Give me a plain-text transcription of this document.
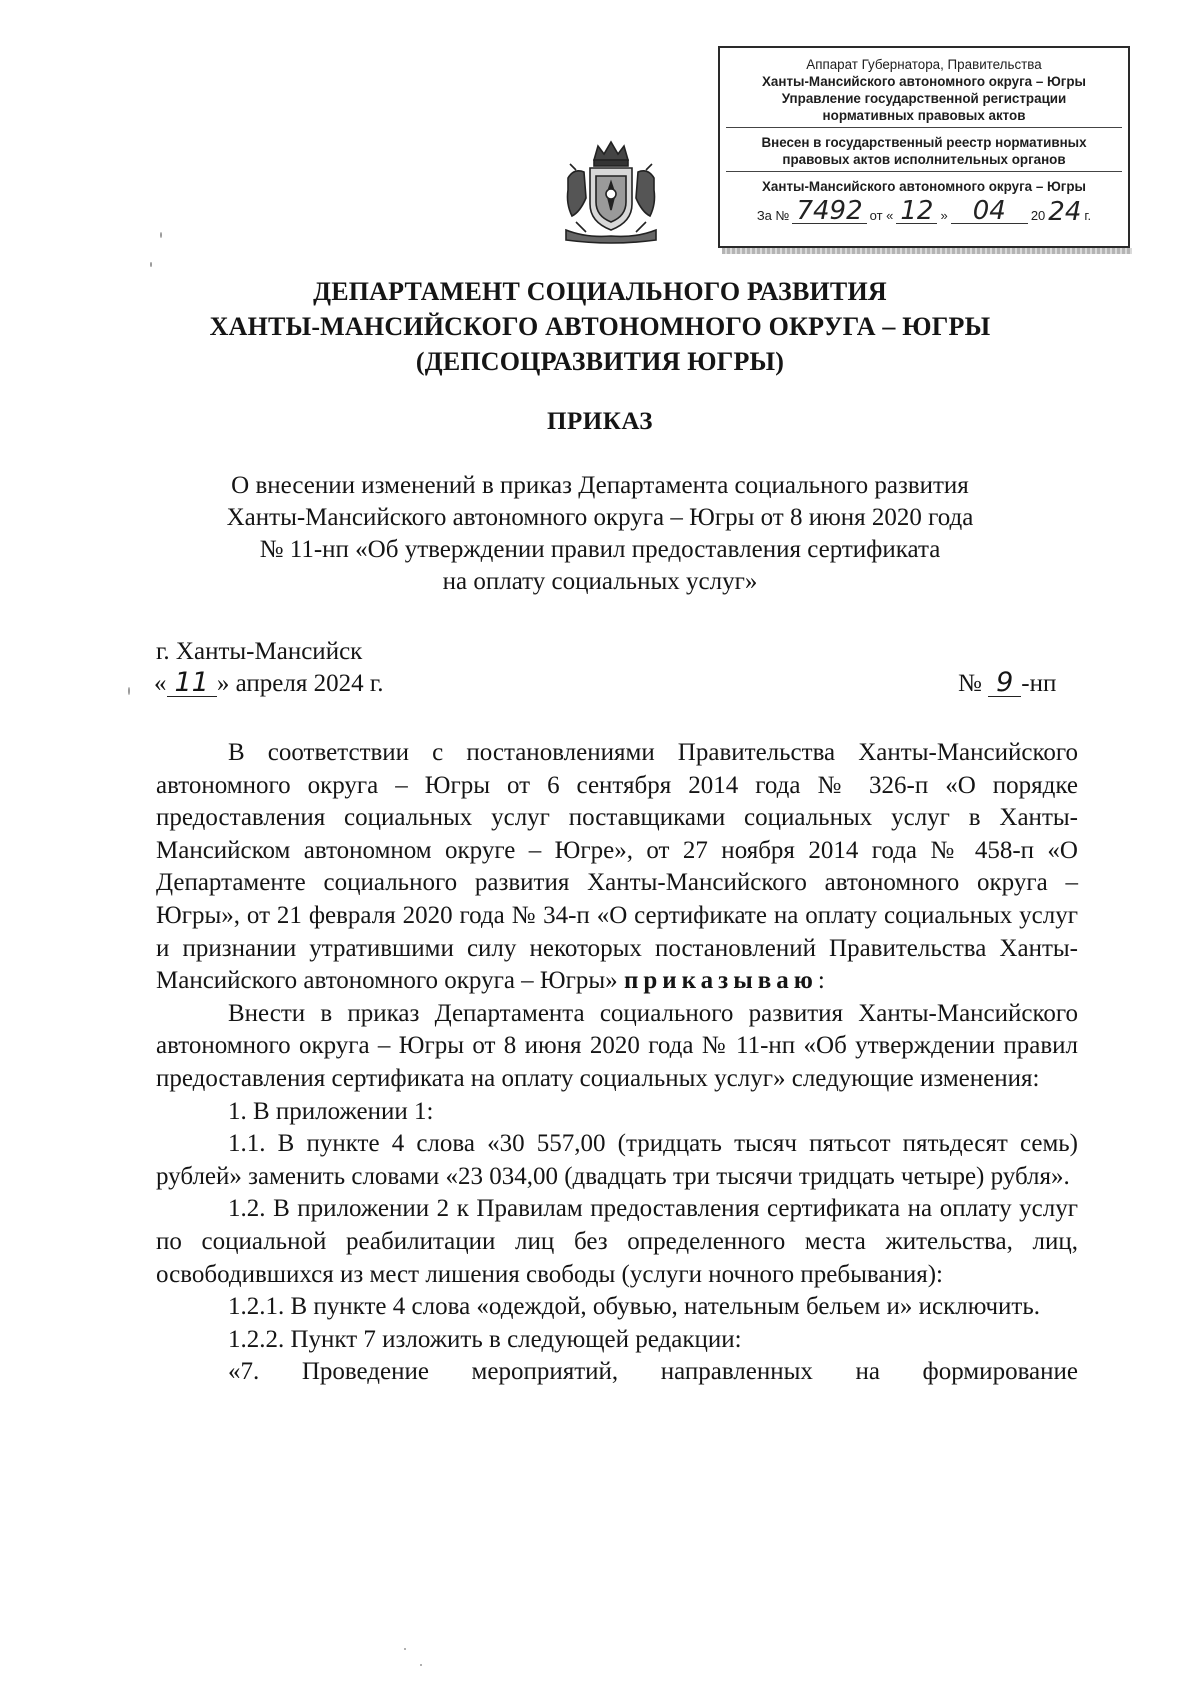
Аппарат Губернатора, Правительства
Ханты-Мансийского автономного округа – Югры
Управление государственной регистрации
нормативных правовых актов
Внесен в государственный реестр нормативных
правовых актов исполнительных органов
Ханты-Мансийского автономного округа – Югры
За № 7492 от « 12 » 04	20 24 г.
ДЕПАРТАМЕНТ СОЦИАЛЬНОГО РАЗВИТИЯ
ХАНТЫ-МАНСИЙСКОГО АВТОНОМНОГО ОКРУГА – ЮГРЫ
(ДЕПСОЦРАЗВИТИЯ ЮГРЫ)
ПРИКАЗ
О внесении изменений в приказ Департамента социального развития
Ханты-Мансийского автономного округа – Югры от 8 июня 2020 года
№ 11-нп «Об утверждении правил предоставления сертификата
на оплату социальных услуг»
г. Ханты-Мансийск
« 11 » апреля 2024 г.	№ 9 -нп

В соответствии с постановлениями Правительства Ханты-Мансийского автономного округа – Югры от 6 сентября 2014 года № 326-п «О порядке предоставления социальных услуг поставщиками социальных услуг в Ханты-Мансийском автономном округе – Югре», от 27 ноября 2014 года № 458-п «О Департаменте социального развития Ханты-Мансийского автономного округа – Югры», от 21 февраля 2020 года № 34-п «О сертификате на оплату социальных услуг и признании утратившими силу некоторых постановлений Правительства Ханты-Мансийского автономного округа – Югры» приказываю:

Внести в приказ Департамента социального развития Ханты-Мансийского автономного округа – Югры от 8 июня 2020 года № 11-нп «Об утверждении правил предоставления сертификата на оплату социальных услуг» следующие изменения:

1. В приложении 1:

1.1. В пункте 4 слова «30 557,00 (тридцать тысяч пятьсот пятьдесят семь) рублей» заменить словами «23 034,00 (двадцать три тысячи тридцать четыре) рубля».

1.2. В приложении 2 к Правилам предоставления сертификата на оплату услуг по социальной реабилитации лиц без определенного места жительства, лиц, освободившихся из мест лишения свободы (услуги ночного пребывания):

1.2.1. В пункте 4 слова «одеждой, обувью, нательным бельем и» исключить.

1.2.2. Пункт 7 изложить в следующей редакции:

«7. Проведение мероприятий, направленных на формирование
